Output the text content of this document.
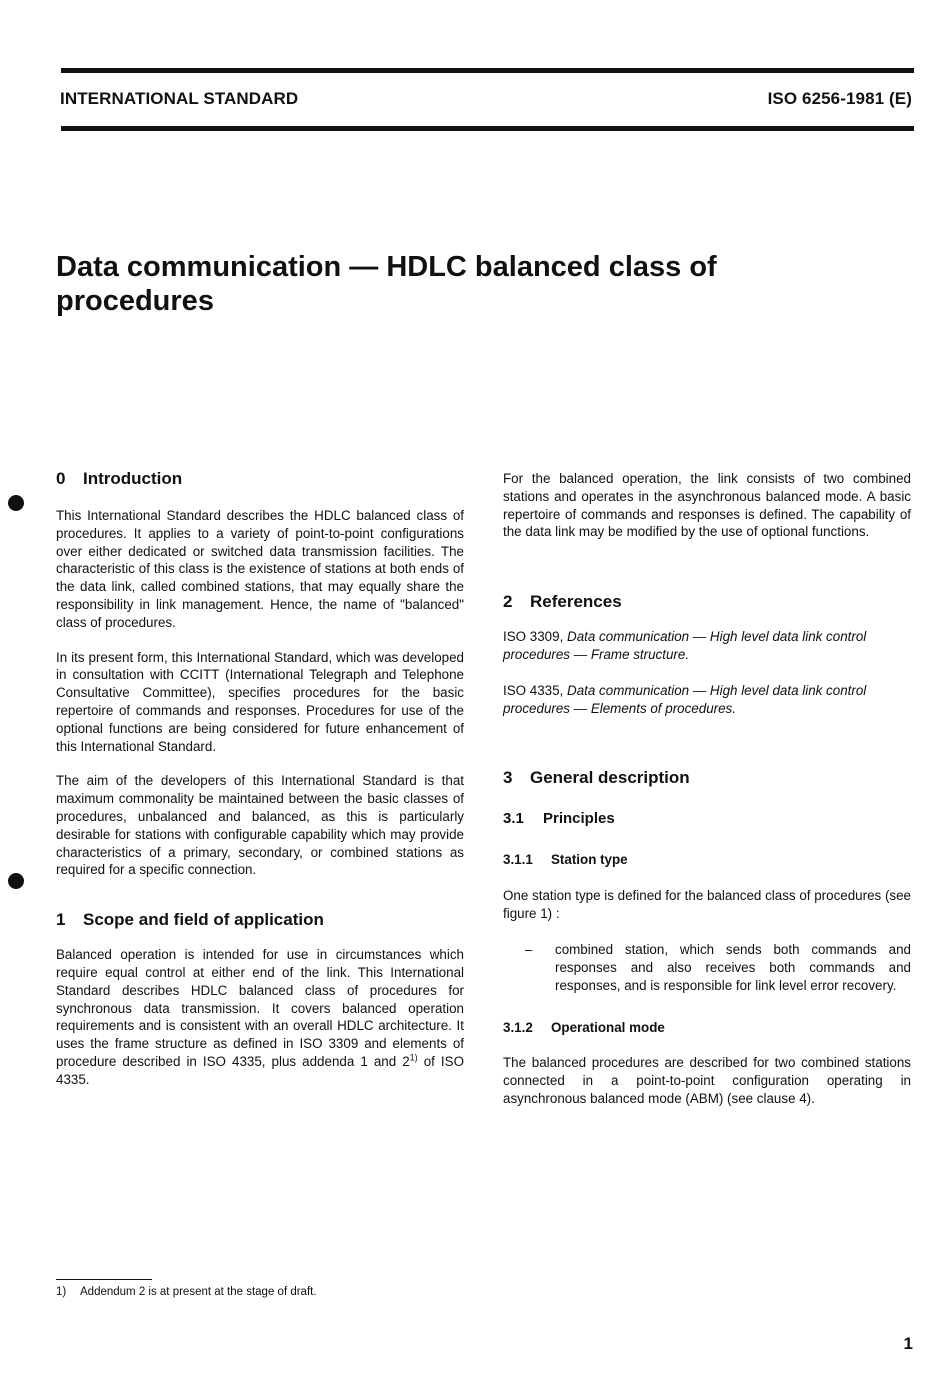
INTERNATIONAL STANDARD	ISO 6256-1981 (E)

Data communication — HDLC balanced class of procedures
0 Introduction

This International Standard describes the HDLC balanced class of procedures. It applies to a variety of point-to-point configurations over either dedicated or switched data transmission facilities. The characteristic of this class is the existence of stations at both ends of the data link, called combined stations, that may equally share the responsibility in link management. Hence, the name of "balanced" class of procedures.

In its present form, this International Standard, which was developed in consultation with CCITT (International Telegraph and Telephone Consultative Committee), specifies procedures for the basic repertoire of commands and responses. Procedures for use of the optional functions are being considered for future enhancement of this International Standard.

The aim of the developers of this International Standard is that maximum commonality be maintained between the basic classes of procedures, unbalanced and balanced, as this is particularly desirable for stations with configurable capability which may provide characteristics of a primary, secondary, or combined stations as required for a specific connection.

1 Scope and field of application

Balanced operation is intended for use in circumstances which require equal control at either end of the link. This International Standard describes HDLC balanced class of procedures for synchronous data transmission. It covers balanced operation requirements and is consistent with an overall HDLC architecture. It uses the frame structure as defined in ISO 3309 and elements of procedure described in ISO 4335, plus addenda 1 and 2$^{1)}$ of ISO 4335.

For the balanced operation, the link consists of two combined stations and operates in the asynchronous balanced mode. A basic repertoire of commands and responses is defined. The capability of the data link may be modified by the use of optional functions.

2 References

ISO 3309, Data communication — High level data link control procedures — Frame structure.

ISO 4335, Data communication — High level data link control procedures — Elements of procedures.

3 General description
3.1 Principles
3.1.1 Station type

One station type is defined for the balanced class of procedures (see figure 1) :

–	combined station, which sends both commands and responses and also receives both commands and responses, and is responsible for link level error recovery.
3.1.2 Operational mode

The balanced procedures are described for two combined stations connected in a point-to-point configuration operating in asynchronous balanced mode (ABM) (see clause 4).

1) Addendum 2 is at present at the stage of draft.

1
